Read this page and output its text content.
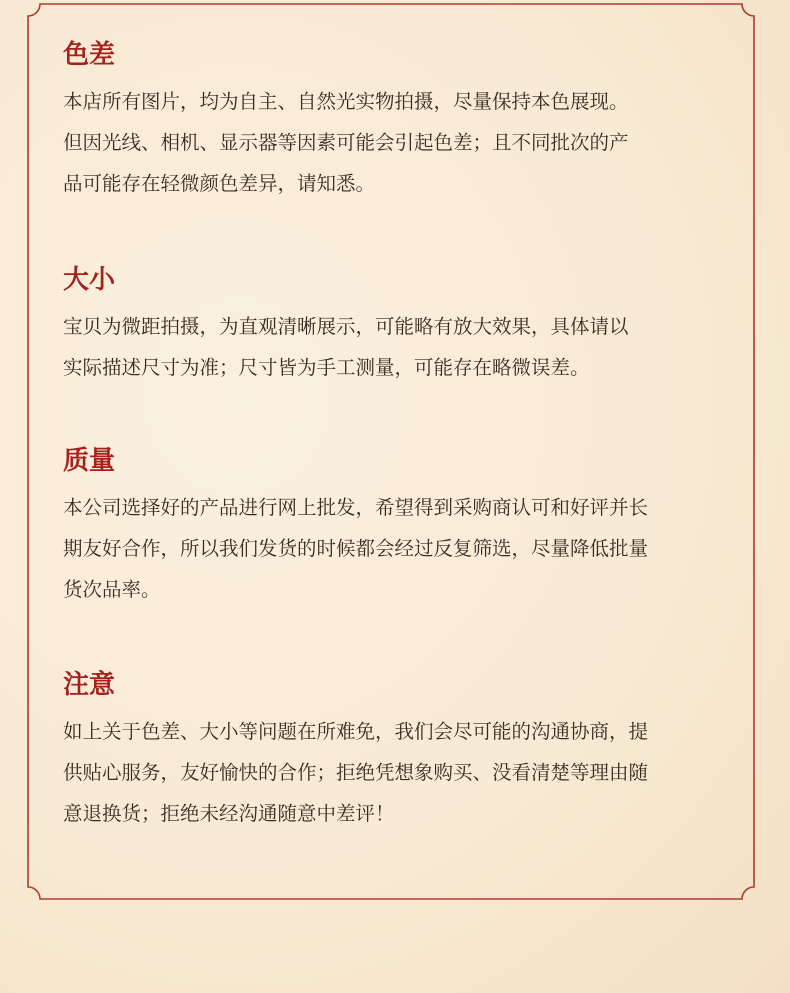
色差

本店所有图片，均为自主、自然光实物拍摄，尽量保持本色展现。
但因光线、相机、显示器等因素可能会引起色差；且不同批次的产
品可能存在轻微颜色差异，请知悉。

大小

宝贝为微距拍摄，为直观清晰展示，可能略有放大效果，具体请以
实际描述尺寸为准；尺寸皆为手工测量，可能存在略微误差。

质量

本公司选择好的产品进行网上批发，希望得到采购商认可和好评并长
期友好合作，所以我们发货的时候都会经过反复筛选，尽量降低批量
货次品率。

注意

如上关于色差、大小等问题在所难免，我们会尽可能的沟通协商，提
供贴心服务，友好愉快的合作；拒绝凭想象购买、没看清楚等理由随
意退换货；拒绝未经沟通随意中差评！
